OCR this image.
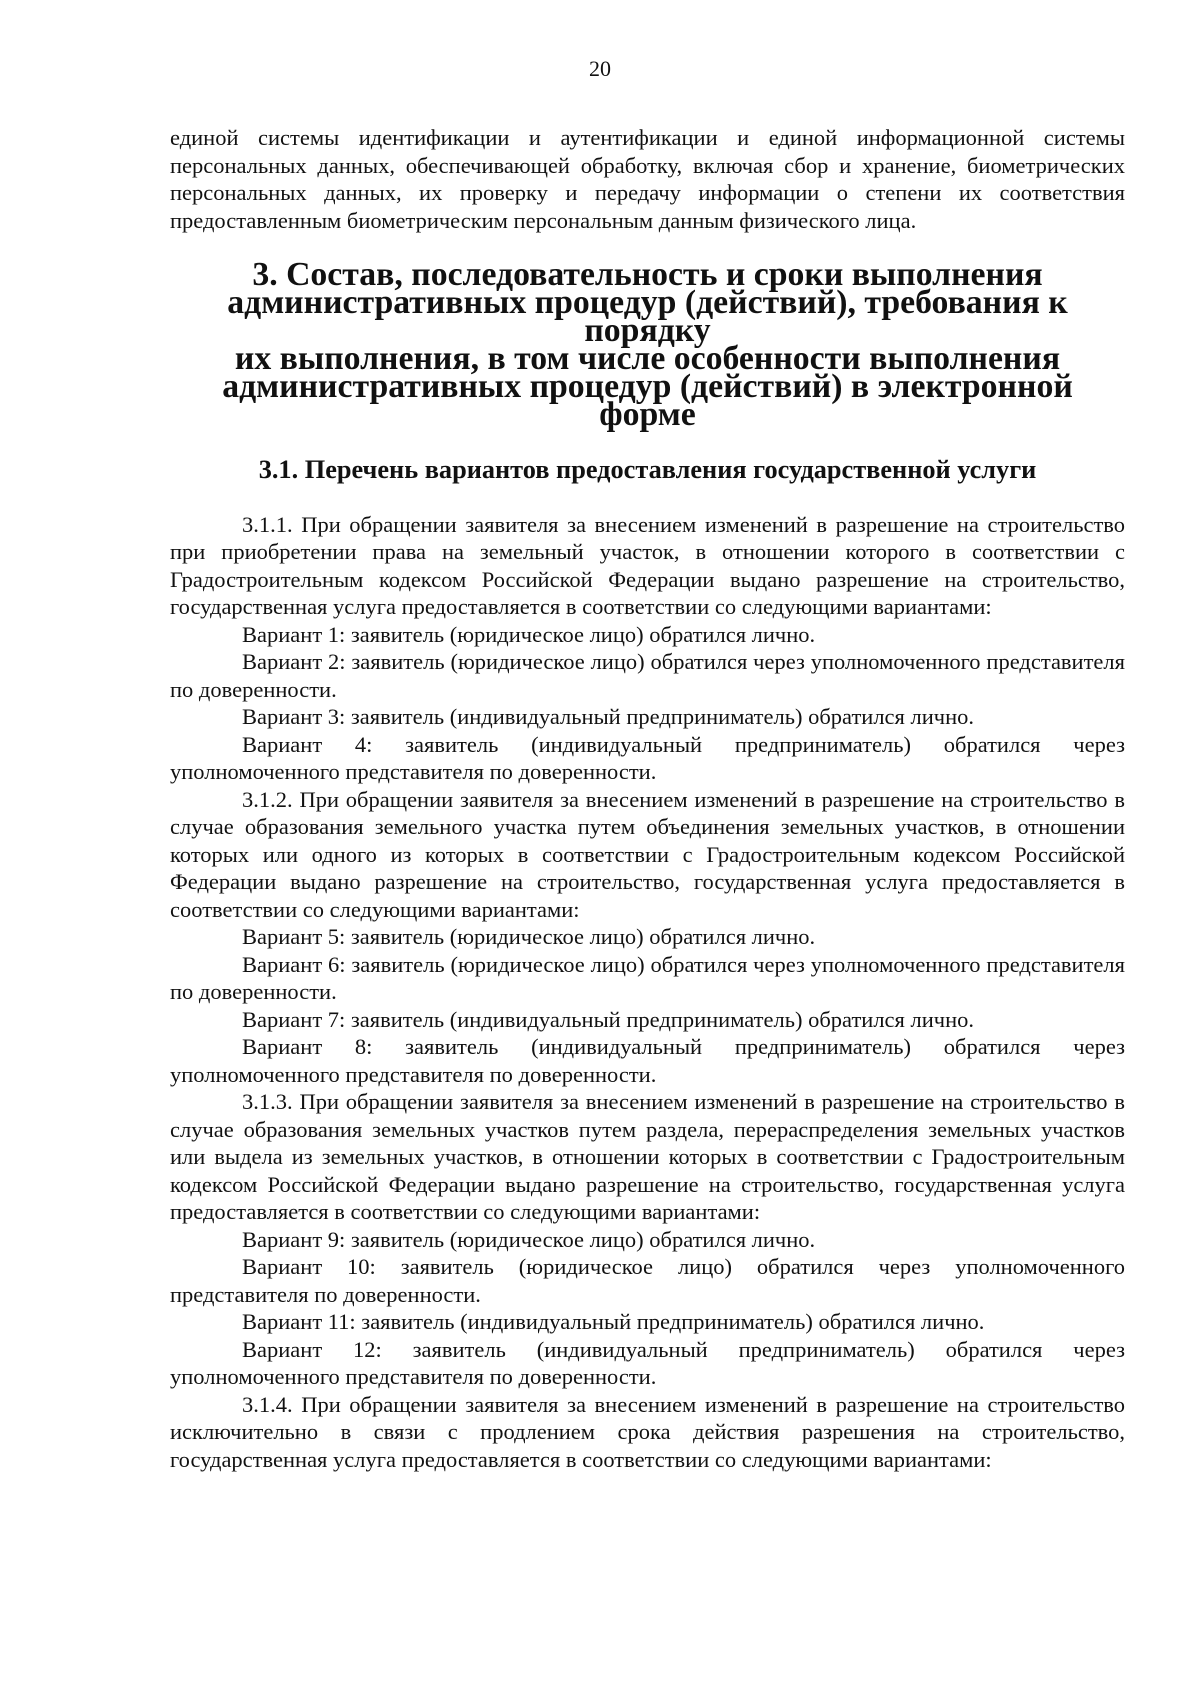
20

единой системы идентификации и аутентификации и единой информационной системы персональных данных, обеспечивающей обработку, включая сбор и хранение, биометрических персональных данных, их проверку и передачу информации о степени их соответствия предоставленным биометрическим персональным данным физического лица.

3. Состав, последовательность и сроки выполнения
административных процедур (действий), требования к порядку
их выполнения, в том числе особенности выполнения
административных процедур (действий) в электронной форме
3.1. Перечень вариантов предоставления государственной услуги

3.1.1. При обращении заявителя за внесением изменений в разрешение на строительство при приобретении права на земельный участок, в отношении которого в соответствии с Градостроительным кодексом Российской Федерации выдано разрешение на строительство, государственная услуга предоставляется в соответствии со следующими вариантами:

Вариант 1: заявитель (юридическое лицо) обратился лично.

Вариант 2: заявитель (юридическое лицо) обратился через уполномоченного представителя по доверенности.

Вариант 3: заявитель (индивидуальный предприниматель) обратился лично.

Вариант 4: заявитель (индивидуальный предприниматель) обратился через уполномоченного представителя по доверенности.

3.1.2. При обращении заявителя за внесением изменений в разрешение на строительство в случае образования земельного участка путем объединения земельных участков, в отношении которых или одного из которых в соответствии с Градостроительным кодексом Российской Федерации выдано разрешение на строительство, государственная услуга предоставляется в соответствии со следующими вариантами:

Вариант 5: заявитель (юридическое лицо) обратился лично.

Вариант 6: заявитель (юридическое лицо) обратился через уполномоченного представителя по доверенности.

Вариант 7: заявитель (индивидуальный предприниматель) обратился лично.

Вариант 8: заявитель (индивидуальный предприниматель) обратился через уполномоченного представителя по доверенности.

3.1.3. При обращении заявителя за внесением изменений в разрешение на строительство в случае образования земельных участков путем раздела, перераспределения земельных участков или выдела из земельных участков, в отношении которых в соответствии с Градостроительным кодексом Российской Федерации выдано разрешение на строительство, государственная услуга предоставляется в соответствии со следующими вариантами:

Вариант 9: заявитель (юридическое лицо) обратился лично.

Вариант 10: заявитель (юридическое лицо) обратился через уполномоченного представителя по доверенности.

Вариант 11: заявитель (индивидуальный предприниматель) обратился лично.

Вариант 12: заявитель (индивидуальный предприниматель) обратился через уполномоченного представителя по доверенности.

3.1.4. При обращении заявителя за внесением изменений в разрешение на строительство исключительно в связи с продлением срока действия разрешения на строительство, государственная услуга предоставляется в соответствии со следующими вариантами:
